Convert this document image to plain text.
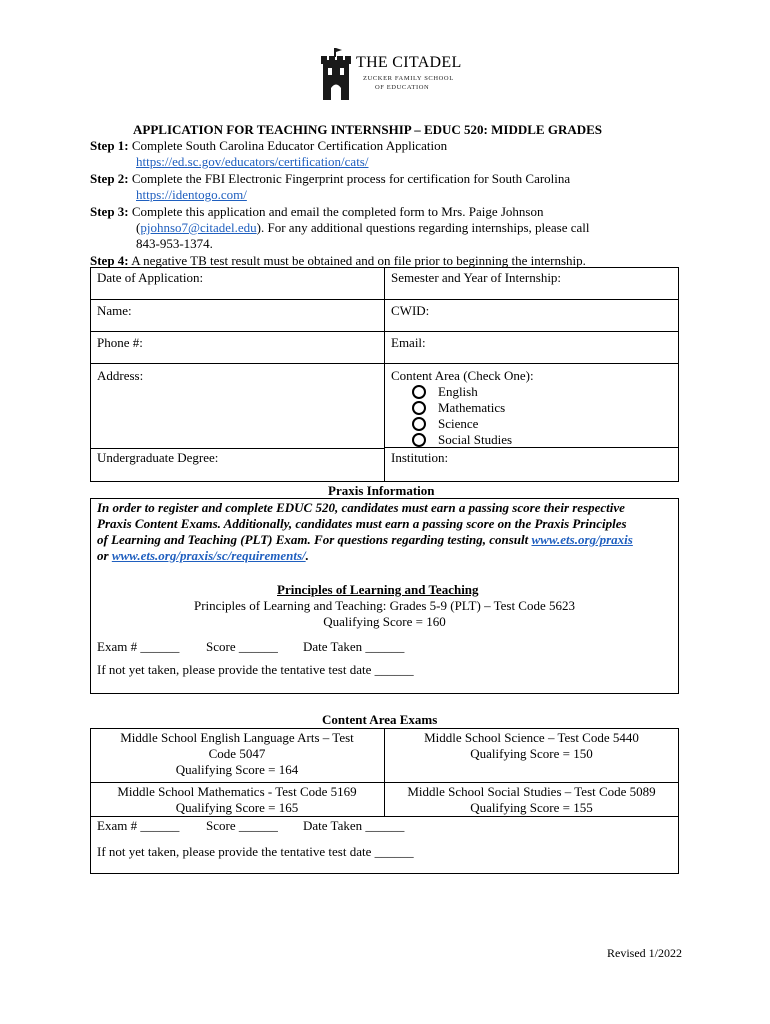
THE CITADEL
ZUCKER FAMILY SCHOOL
OF EDUCATION
APPLICATION FOR TEACHING INTERNSHIP – EDUC 520: MIDDLE GRADES
Step 1: Complete South Carolina Educator Certification Application
https://ed.sc.gov/educators/certification/cats/
Step 2: Complete the FBI Electronic Fingerprint process for certification for South Carolina
https://identogo.com/
Step 3: Complete this application and email the completed form to Mrs. Paige Johnson
(pjohnso7@citadel.edu). For any additional questions regarding internships, please call
843-953-1374.
Step 4: A negative TB test result must be obtained and on file prior to beginning the internship.
Date of Application:	Semester and Year of Internship:
Name:	CWID:
Phone #:	Email:
Address:	Content Area (Check One):
English
Mathematics
Science
Social Studies
Undergraduate Degree:	Institution:
Praxis Information
In order to register and complete EDUC 520, candidates must earn a passing score their respective
Praxis Content Exams. Additionally, candidates must earn a passing score on the Praxis Principles
of Learning and Teaching (PLT) Exam. For questions regarding testing, consult www.ets.org/praxis
or www.ets.org/praxis/sc/requirements/.
Principles of Learning and Teaching
Principles of Learning and Teaching: Grades 5-9 (PLT) – Test Code 5623
Qualifying Score = 160
Exam # ______ Score ______ Date Taken ______
If not yet taken, please provide the tentative test date ______
Content Area Exams
Middle School English Language Arts – Test
Code 5047
Qualifying Score = 164
Middle School Science – Test Code 5440
Qualifying Score = 150
Middle School Mathematics - Test Code 5169
Qualifying Score = 165
Middle School Social Studies – Test Code 5089
Qualifying Score = 155
Exam # ______ Score ______ Date Taken ______
If not yet taken, please provide the tentative test date ______
Revised 1/2022
